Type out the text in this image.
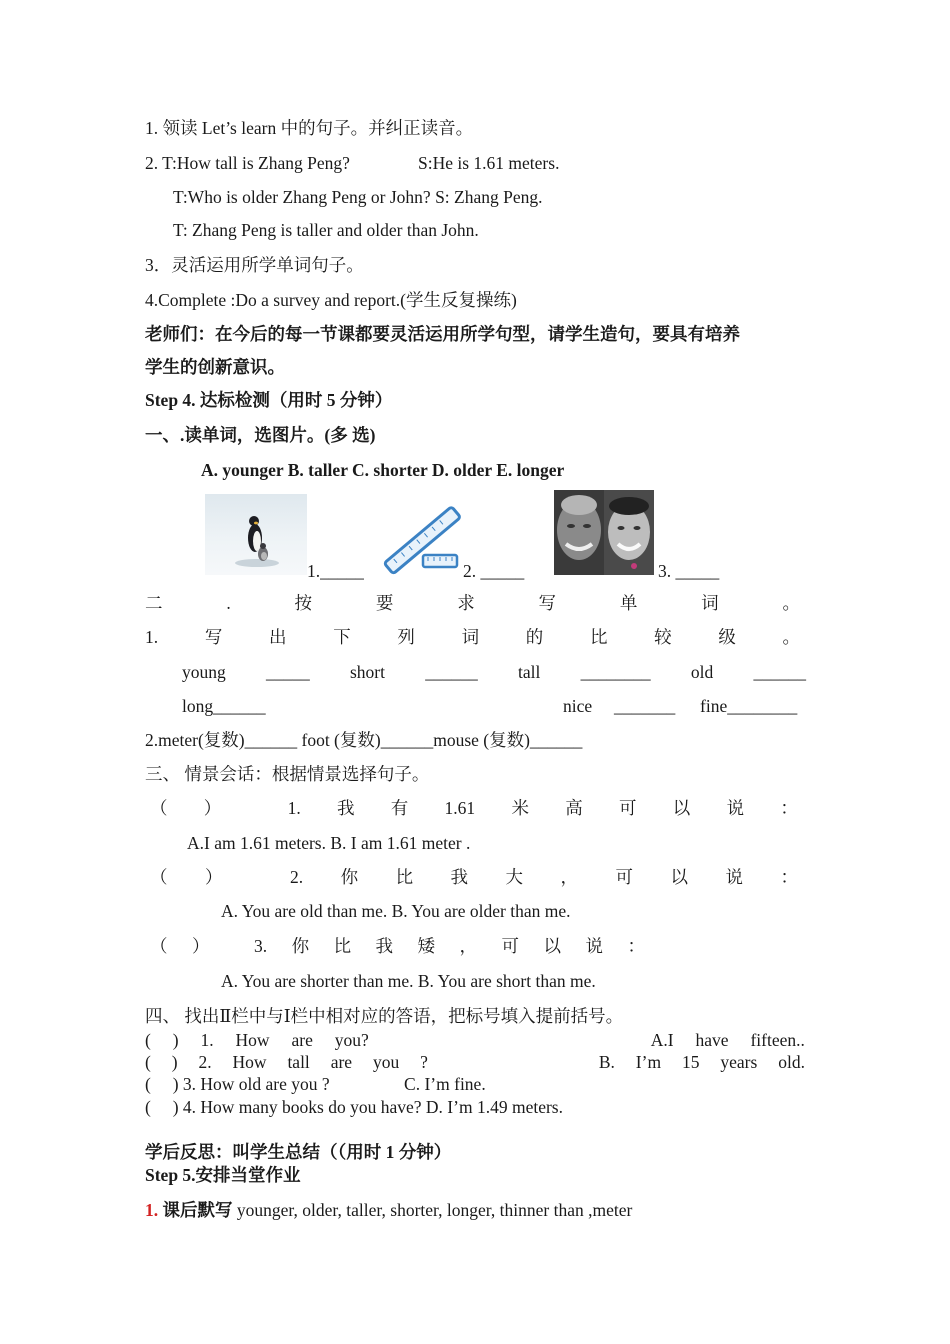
1. 领读 Let’s learn 中的句子。并纠正读音。
2. T:How tall is Zhang Peng?	S:He is 1.61 meters.
T:Who is older Zhang Peng or John? S: Zhang Peng.
T: Zhang Peng is taller and older than John.
3．灵活运用所学单词句子。
4.Complete :Do a survey and report.(学生反复操练)
老师们：在今后的每一节课都要灵活运用所学句型，请学生造句，要具有培养
学生的创新意识。
Step 4. 达标检测（用时 5 分钟）
一、.读单词，选图片。(多 选)
A. younger B. taller C. shorter D. older E. longer
1._____	2. _____	3. _____
二	.	按	要	求	写	单	词	。
1.	写	出	下	列	词	的	比	较	级	。
young _____ short ______ tall ________ old ______
long______	nice _______ fine________
2.meter(复数)______ foot (复数)______mouse (复数)______
三、 情景会话：根据情景选择句子。
（ ）	1. 我 有 1.61 米 高 可 以 说 ：
A.I am 1.61 meters. B. I am 1.61 meter .
（ ）	2. 你 比 我 大 ， 可 以 说 ：
A. You are old than me. B. You are older than me.
（ ）	3. 你 比 我 矮 ， 可 以 说 ：
A. You are shorter than me. B. You are short than me.
四、 找出Ⅱ栏中与Ⅰ栏中相对应的答语，把标号填入提前括号。
( ) 1. How are you?	A.I have fifteen..
( ) 2. How tall are you ?	B. I’m 15 years old.
(     ) 3. How old are you ?                 C. I’m fine.
(     ) 4. How many books do you have? D. I’m 1.49 meters.
学后反思：叫学生总结（（用时 1 分钟）
Step 5.安排当堂作业
1. 课后默写 younger, older, taller, shorter, longer, thinner than ,meter
